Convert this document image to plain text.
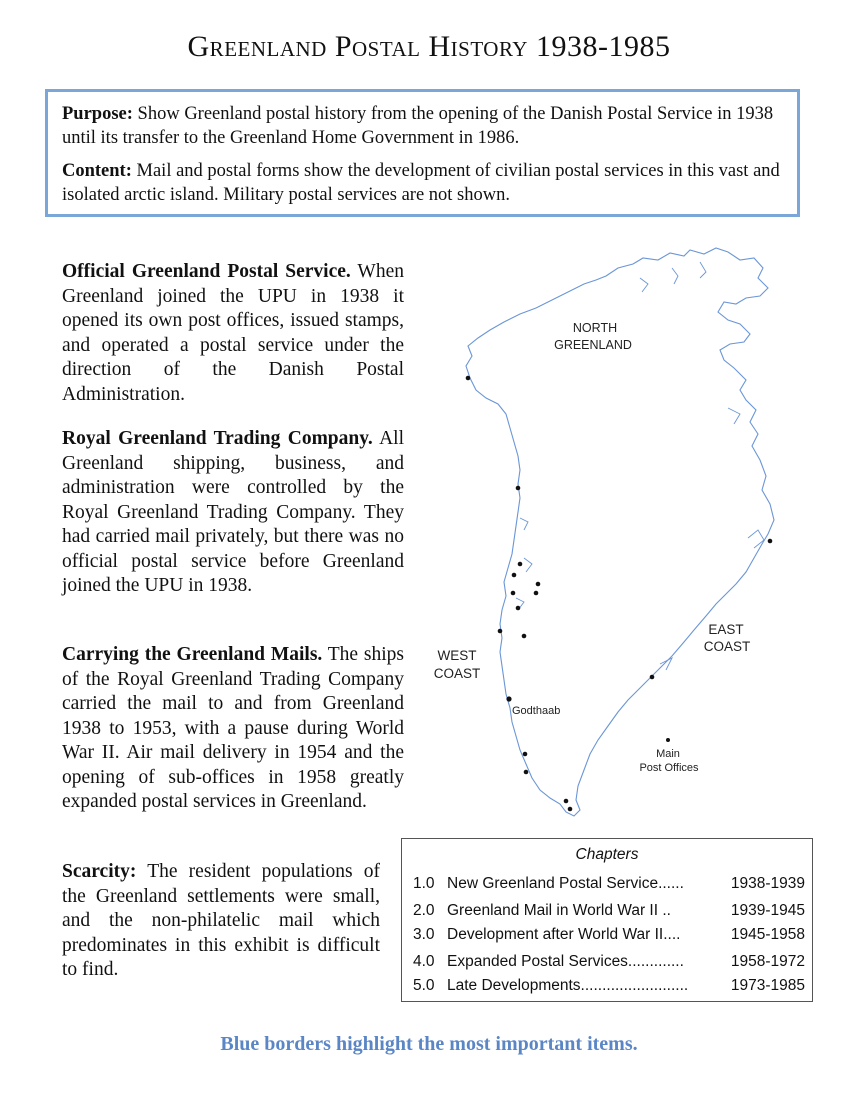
Greenland Postal History 1938-1985

Purpose: Show Greenland postal history from the opening of the Danish Postal Service in 1938 until its transfer to the Greenland Home Government in 1986.

Content: Mail and postal forms show the development of civilian postal services in this vast and isolated arctic island. Military postal services are not shown.

Official Greenland Postal Service. When Greenland joined the UPU in 1938 it opened its own post offices, issued stamps, and operated a postal service under the direction of the Danish Postal Administration.

Royal Greenland Trading Company. All Greenland shipping, business, and administration were controlled by the Royal Greenland Trading Company. They had carried mail privately, but there was no official postal service before Greenland joined the UPU in 1938.

Carrying the Greenland Mails. The ships of the Royal Greenland Trading Company carried the mail to and from Greenland 1938 to 1953, with a pause during World War II. Air mail delivery in 1954 and the opening of sub-offices in 1958 greatly expanded postal services in Greenland.

Scarcity: The resident populations of the Greenland settlements were small, and the non-philatelic mail which predominates in this exhibit is difficult to find.

NORTH
GREENLAND
EAST
COAST
WEST
COAST
Godthaab
Main
Post Offices
Chapters
1.0 New Greenland Postal Service......	1938-1939
2.0 Greenland Mail in World War II ..	1939-1945
3.0 Development after World War II....	1945-1958
4.0 Expanded Postal Services.............	1958-1972
5.0 Late Developments.........................	1973-1985
Blue borders highlight the most important items.
